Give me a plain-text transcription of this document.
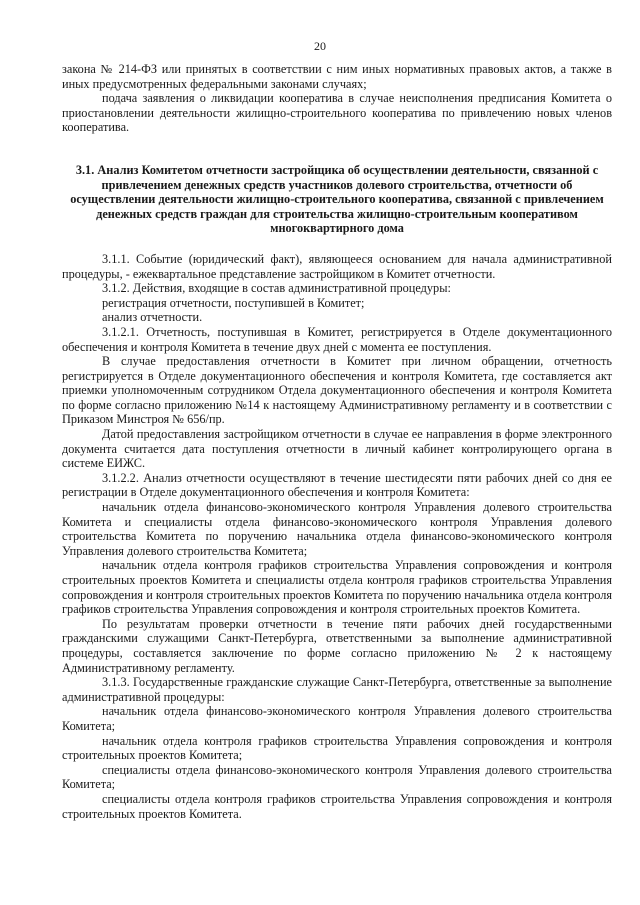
20

закона № 214-ФЗ или принятых в соответствии с ним иных нормативных правовых актов, а также в иных предусмотренных федеральными законами случаях;

подача заявления о ликвидации кооператива в случае неисполнения предписания Комитета о приостановлении деятельности жилищно-строительного кооператива по привлечению новых членов кооператива.

3.1. Анализ Комитетом отчетности застройщика об осуществлении деятельности, связанной с привлечением денежных средств участников долевого строительства, отчетности об осуществлении деятельности жилищно-строительного кооператива, связанной с привлечением денежных средств граждан для строительства жилищно-строительным кооперативом многоквартирного дома

3.1.1. Событие (юридический факт), являющееся основанием для начала административной процедуры, - ежеквартальное представление застройщиком в Комитет отчетности.

3.1.2. Действия, входящие в состав административной процедуры:

регистрация отчетности, поступившей в Комитет;

анализ отчетности.

3.1.2.1. Отчетность, поступившая в Комитет, регистрируется в Отделе документационного обеспечения и контроля Комитета в течение двух дней с момента ее поступления.

В случае предоставления отчетности в Комитет при личном обращении, отчетность регистрируется в Отделе документационного обеспечения и контроля Комитета, где составляется акт приемки уполномоченным сотрудником Отдела документационного обеспечения и контроля Комитета по форме согласно приложению №14 к настоящему Административному регламенту и в соответствии с Приказом Минстроя № 656/пр.

Датой предоставления застройщиком отчетности в случае ее направления в форме электронного документа считается дата поступления отчетности в личный кабинет контролирующего органа в системе ЕИЖС.

3.1.2.2. Анализ отчетности осуществляют в течение шестидесяти пяти рабочих дней со дня ее регистрации в Отделе документационного обеспечения и контроля Комитета:

начальник отдела финансово-экономического контроля Управления долевого строительства Комитета и специалисты отдела финансово-экономического контроля Управления долевого строительства Комитета по поручению начальника отдела финансово-экономического контроля Управления долевого строительства Комитета;

начальник отдела контроля графиков строительства Управления сопровождения и контроля строительных проектов Комитета и специалисты отдела контроля графиков строительства Управления сопровождения и контроля строительных проектов Комитета по поручению начальника отдела контроля графиков строительства Управления сопровождения и контроля строительных проектов Комитета.

По результатам проверки отчетности в течение пяти рабочих дней государственными гражданскими служащими Санкт-Петербурга, ответственными за выполнение административной процедуры, составляется заключение по форме согласно приложению № 2 к настоящему Административному регламенту.

3.1.3. Государственные гражданские служащие Санкт-Петербурга, ответственные за выполнение административной процедуры:

начальник отдела финансово-экономического контроля Управления долевого строительства Комитета;

начальник отдела контроля графиков строительства Управления сопровождения и контроля строительных проектов Комитета;

специалисты отдела финансово-экономического контроля Управления долевого строительства Комитета;

специалисты отдела контроля графиков строительства Управления сопровождения и контроля строительных проектов Комитета.
